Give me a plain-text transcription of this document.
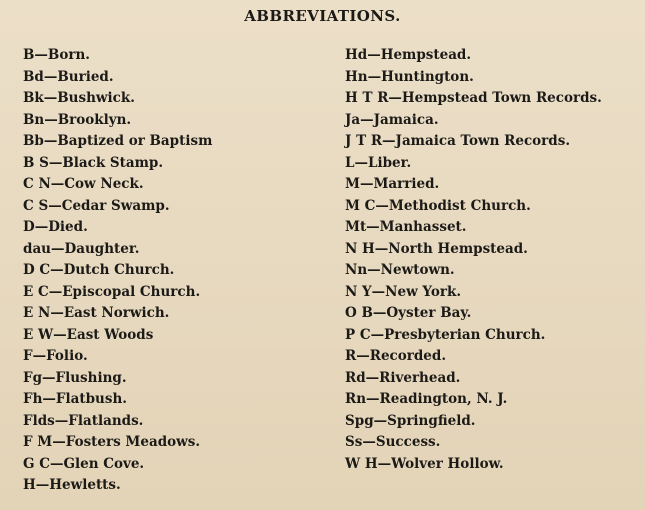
ABBREVIATIONS.
B—Born.
Bd—Buried.
Bk—Bushwick.
Bn—Brooklyn.
Bb—Baptized or Baptism
B S—Black Stamp.
C N—Cow Neck.
C S—Cedar Swamp.
D—Died.
dau—Daughter.
D C—Dutch Church.
E C—Episcopal Church.
E N—East Norwich.
E W—East Woods
F—Folio.
Fg—Flushing.
Fh—Flatbush.
Flds—Flatlands.
F M—Fosters Meadows.
G C—Glen Cove.
H—Hewletts.
Hd—Hempstead.
Hn—Huntington.
H T R—Hempstead Town Records.
Ja—Jamaica.
J T R—Jamaica Town Records.
L—Liber.
M—Married.
M C—Methodist Church.
Mt—Manhasset.
N H—North Hempstead.
Nn—Newtown.
N Y—New York.
O B—Oyster Bay.
P C—Presbyterian Church.
R—Recorded.
Rd—Riverhead.
Rn—Readington, N. J.
Spg—Springfield.
Ss—Success.
W H—Wolver Hollow.
